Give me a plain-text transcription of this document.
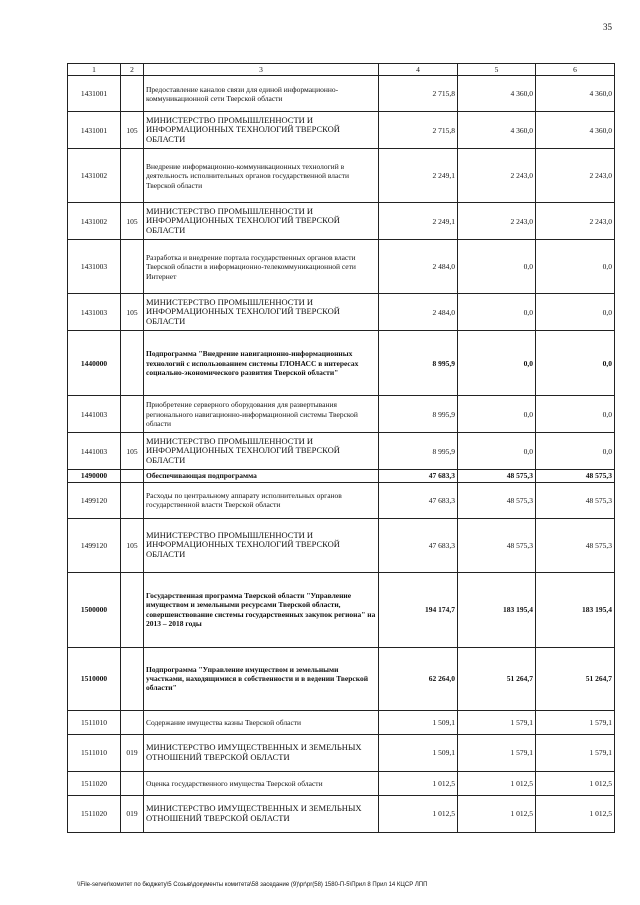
35
1	2	3	4	5	6
1431001		Предоставление каналов связи для единой информационно-коммуникационной сети Тверской области	2 715,8	4 360,0	4 360,0
1431001	105	МИНИСТЕРСТВО ПРОМЫШЛЕННОСТИ И ИНФОРМАЦИОННЫХ ТЕХНОЛОГИЙ ТВЕРСКОЙ ОБЛАСТИ	2 715,8	4 360,0	4 360,0
1431002		Внедрение информационно-коммуникационных технологий в деятельность исполнительных органов государственной власти Тверской области	2 249,1	2 243,0	2 243,0
1431002	105	МИНИСТЕРСТВО ПРОМЫШЛЕННОСТИ И ИНФОРМАЦИОННЫХ ТЕХНОЛОГИЙ ТВЕРСКОЙ ОБЛАСТИ	2 249,1	2 243,0	2 243,0
1431003		Разработка и внедрение портала государственных органов власти Тверской области в информационно-телекоммуникационной сети Интернет	2 484,0	0,0	0,0
1431003	105	МИНИСТЕРСТВО ПРОМЫШЛЕННОСТИ И ИНФОРМАЦИОННЫХ ТЕХНОЛОГИЙ ТВЕРСКОЙ ОБЛАСТИ	2 484,0	0,0	0,0
1440000		Подпрограмма "Внедрение навигационно-информационных технологий с использованием системы ГЛОНАСС в интересах социально-экономического развития Тверской области"	8 995,9	0,0	0,0
1441003		Приобретение серверного оборудования для развертывания регионального навигационно-информационной системы Тверской области	8 995,9	0,0	0,0
1441003	105	МИНИСТЕРСТВО ПРОМЫШЛЕННОСТИ И ИНФОРМАЦИОННЫХ ТЕХНОЛОГИЙ ТВЕРСКОЙ ОБЛАСТИ	8 995,9	0,0	0,0
1490000		Обеспечивающая подпрограмма	47 683,3	48 575,3	48 575,3
1499120		Расходы по центральному аппарату исполнительных органов государственной власти Тверской области	47 683,3	48 575,3	48 575,3
1499120	105	МИНИСТЕРСТВО ПРОМЫШЛЕННОСТИ И ИНФОРМАЦИОННЫХ ТЕХНОЛОГИЙ ТВЕРСКОЙ ОБЛАСТИ	47 683,3	48 575,3	48 575,3
1500000		Государственная программа Тверской области "Управление имуществом и земельными ресурсами Тверской области, совершенствование системы государственных закупок региона" на 2013 – 2018 годы	194 174,7	183 195,4	183 195,4
1510000		Подпрограмма "Управление имуществом и земельными участками, находящимися в собственности и в ведении Тверской области"	62 264,0	51 264,7	51 264,7
1511010		Содержание имущества казны Тверской области	1 509,1	1 579,1	1 579,1
1511010	019	МИНИСТЕРСТВО ИМУЩЕСТВЕННЫХ И ЗЕМЕЛЬНЫХ ОТНОШЕНИЙ ТВЕРСКОЙ ОБЛАСТИ	1 509,1	1 579,1	1 579,1
1511020		Оценка государственного имущества Тверской области	1 012,5	1 012,5	1 012,5
1511020	019	МИНИСТЕРСТВО ИМУЩЕСТВЕННЫХ И ЗЕМЕЛЬНЫХ ОТНОШЕНИЙ ТВЕРСКОЙ ОБЛАСТИ	1 012,5	1 012,5	1 012,5
\\File-server\комитет по бюджету\5 Созыв\документы комитета\58 заседание (9)\pr\pr(58) 1580-П-5\Прил 8 Прил 14 КЦСР ЛПП
